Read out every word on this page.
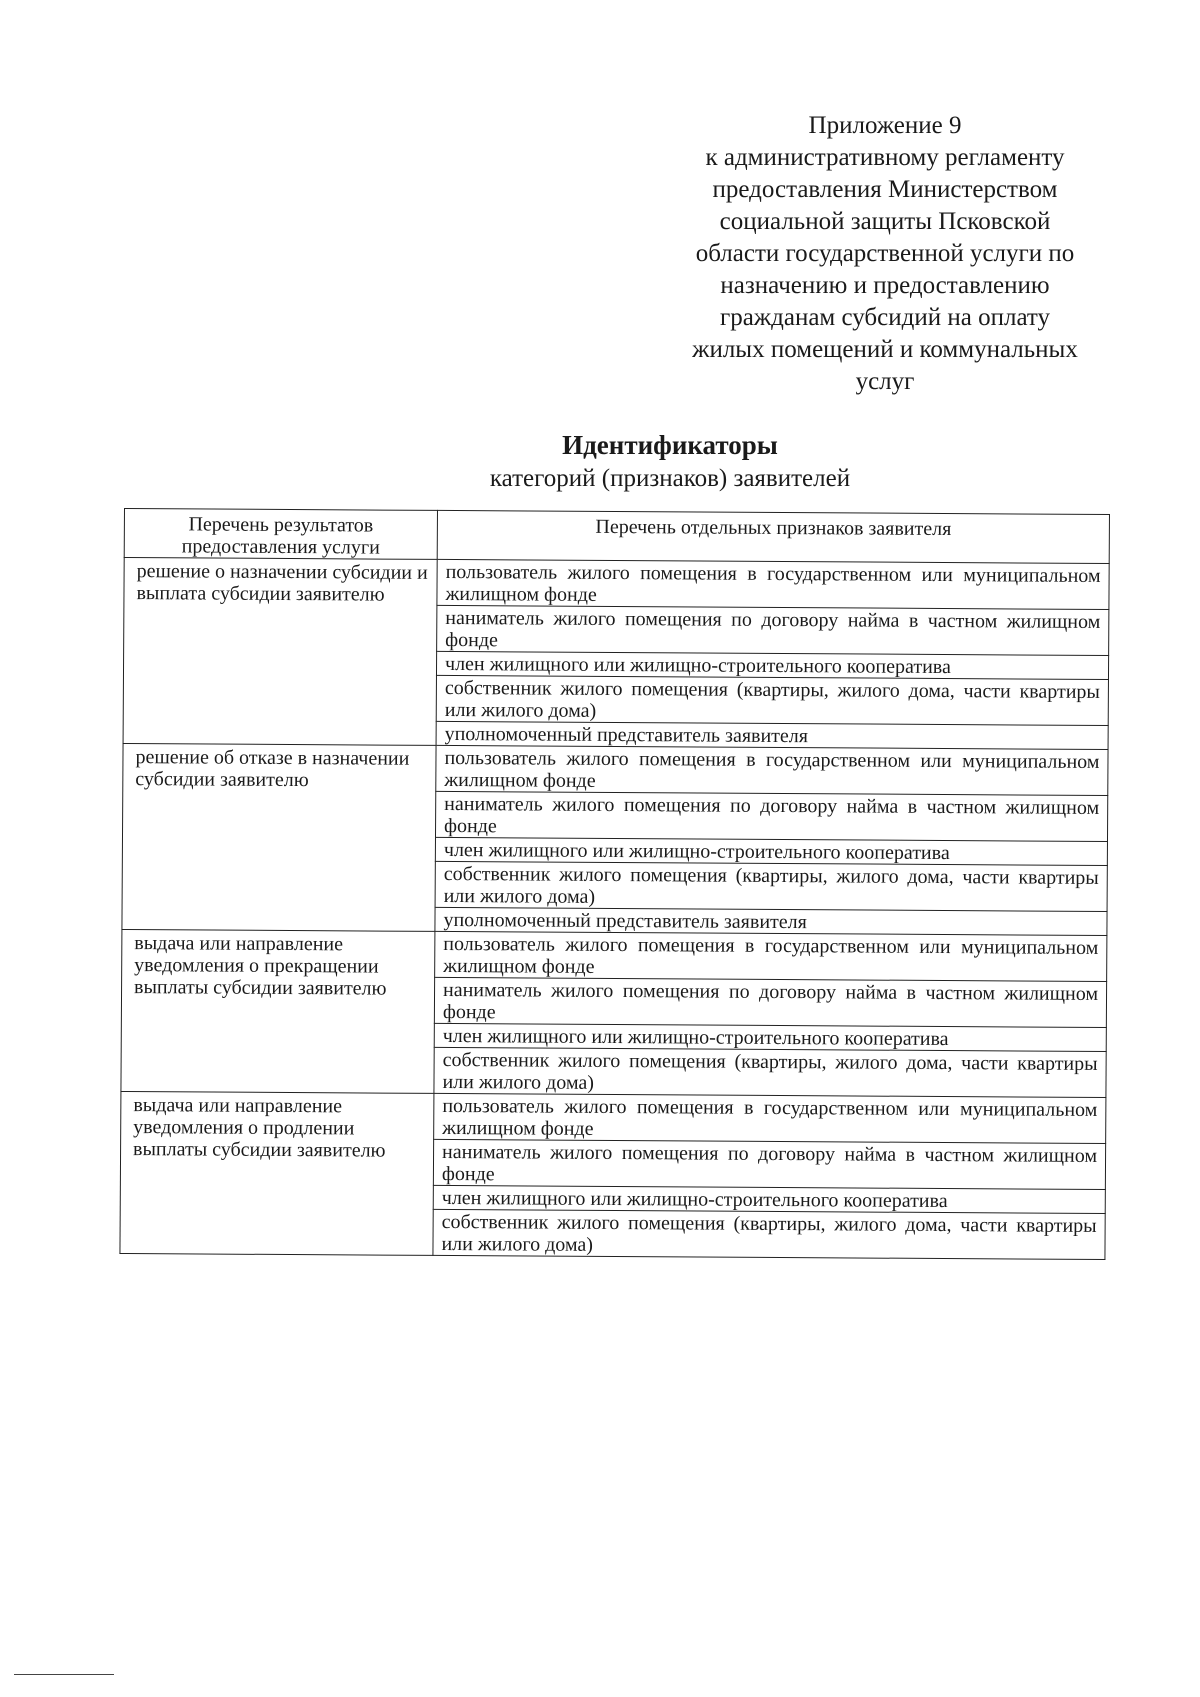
Приложение 9
к административному регламенту
предоставления Министерством
социальной защиты Псковской
области государственной услуги по
назначению и предоставлению
гражданам субсидий на оплату
жилых помещений и коммунальных
услуг
Идентификаторы
категорий (признаков) заявителей
Перечень результатов предоставления услуги	Перечень отдельных признаков заявителя
решение о назначении субсидии и выплата субсидии заявителю	пользователь жилого помещения в государственном или муниципальном жилищном фонде
	наниматель жилого помещения по договору найма в частном жилищном фонде
	член жилищного или жилищно-строительного кооператива
	собственник жилого помещения (квартиры, жилого дома, части квартиры или жилого дома)
	уполномоченный представитель заявителя
решение об отказе в назначении субсидии заявителю	пользователь жилого помещения в государственном или муниципальном жилищном фонде
	наниматель жилого помещения по договору найма в частном жилищном фонде
	член жилищного или жилищно-строительного кооператива
	собственник жилого помещения (квартиры, жилого дома, части квартиры или жилого дома)
	уполномоченный представитель заявителя
выдача или направление уведомления о прекращении выплаты субсидии заявителю	пользователь жилого помещения в государственном или муниципальном жилищном фонде
	наниматель жилого помещения по договору найма в частном жилищном фонде
	член жилищного или жилищно-строительного кооператива
	собственник жилого помещения (квартиры, жилого дома, части квартиры или жилого дома)
выдача или направление уведомления о продлении выплаты субсидии заявителю	пользователь жилого помещения в государственном или муниципальном жилищном фонде
	наниматель жилого помещения по договору найма в частном жилищном фонде
	член жилищного или жилищно-строительного кооператива
	собственник жилого помещения (квартиры, жилого дома, части квартиры или жилого дома)
